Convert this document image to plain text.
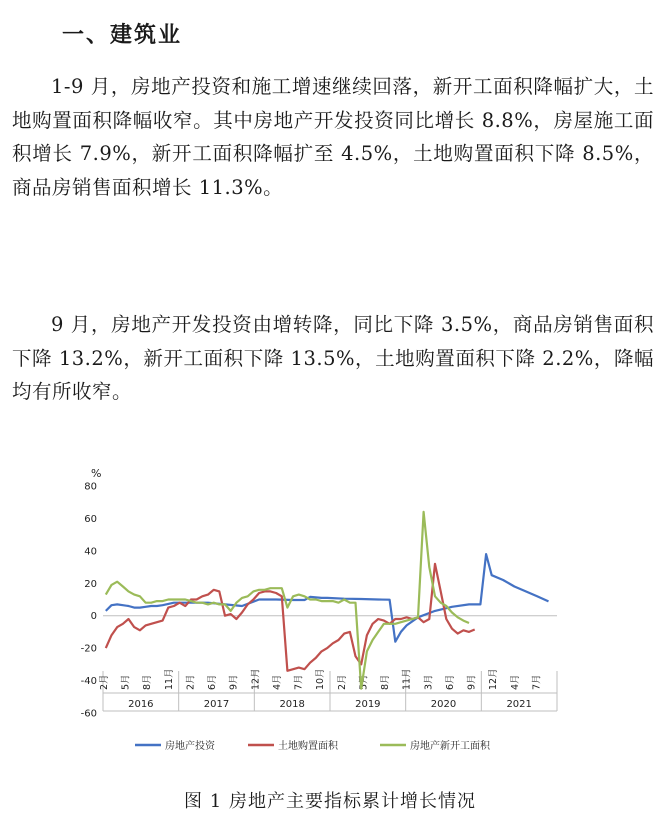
一、建筑业
1-9 月，房地产投资和施工增速继续回落，新开工面积降幅扩大，土地购置面积降幅收窄。其中房地产开发投资同比增长 8.8%，房屋施工面积增长 7.9%，新开工面积降幅扩至 4.5%，土地购置面积下降 8.5%，商品房销售面积增长 11.3%。
9 月，房地产开发投资由增转降，同比下降 3.5%，商品房销售面积下降 13.2%，新开工面积下降 13.5%，土地购置面积下降 2.2%，降幅均有所收窄。
%
80
60
40
20
0
-20
-40
-60
2016	2017	2018	2019	2020	2021
2月 5月 8月 11月 2月 6月 9月 12月 4月 7月 10月 2月 5月 8月 11月 3月 6月 9月 12月 4月 7月
房地产投资	土地购置面积	房地产新开工面积
图 1 房地产主要指标累计增长情况
